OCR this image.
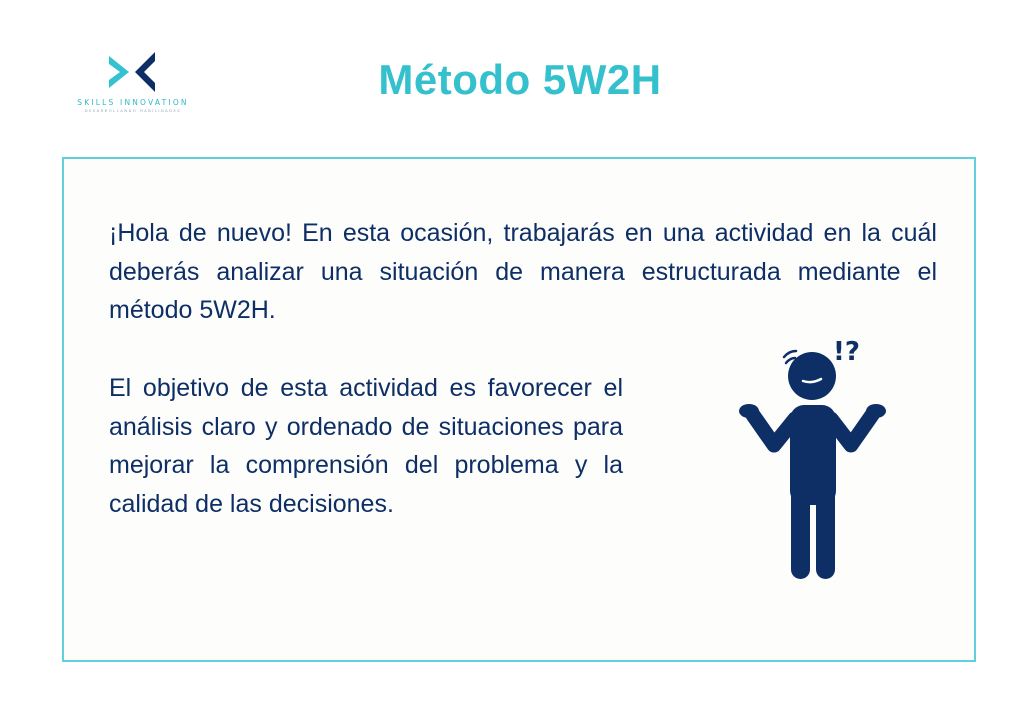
SKILLS INNOVATION
DESARROLLANDO HABILIDADES
Método 5W2H

¡Hola de nuevo! En esta ocasión, trabajarás en una actividad en la cuál deberás analizar una situación de manera estructurada mediante el método 5W2H.

El objetivo de esta actividad es favorecer el análisis claro y ordenado de situaciones para mejorar la comprensión del problema y la calidad de las decisiones.

!?
